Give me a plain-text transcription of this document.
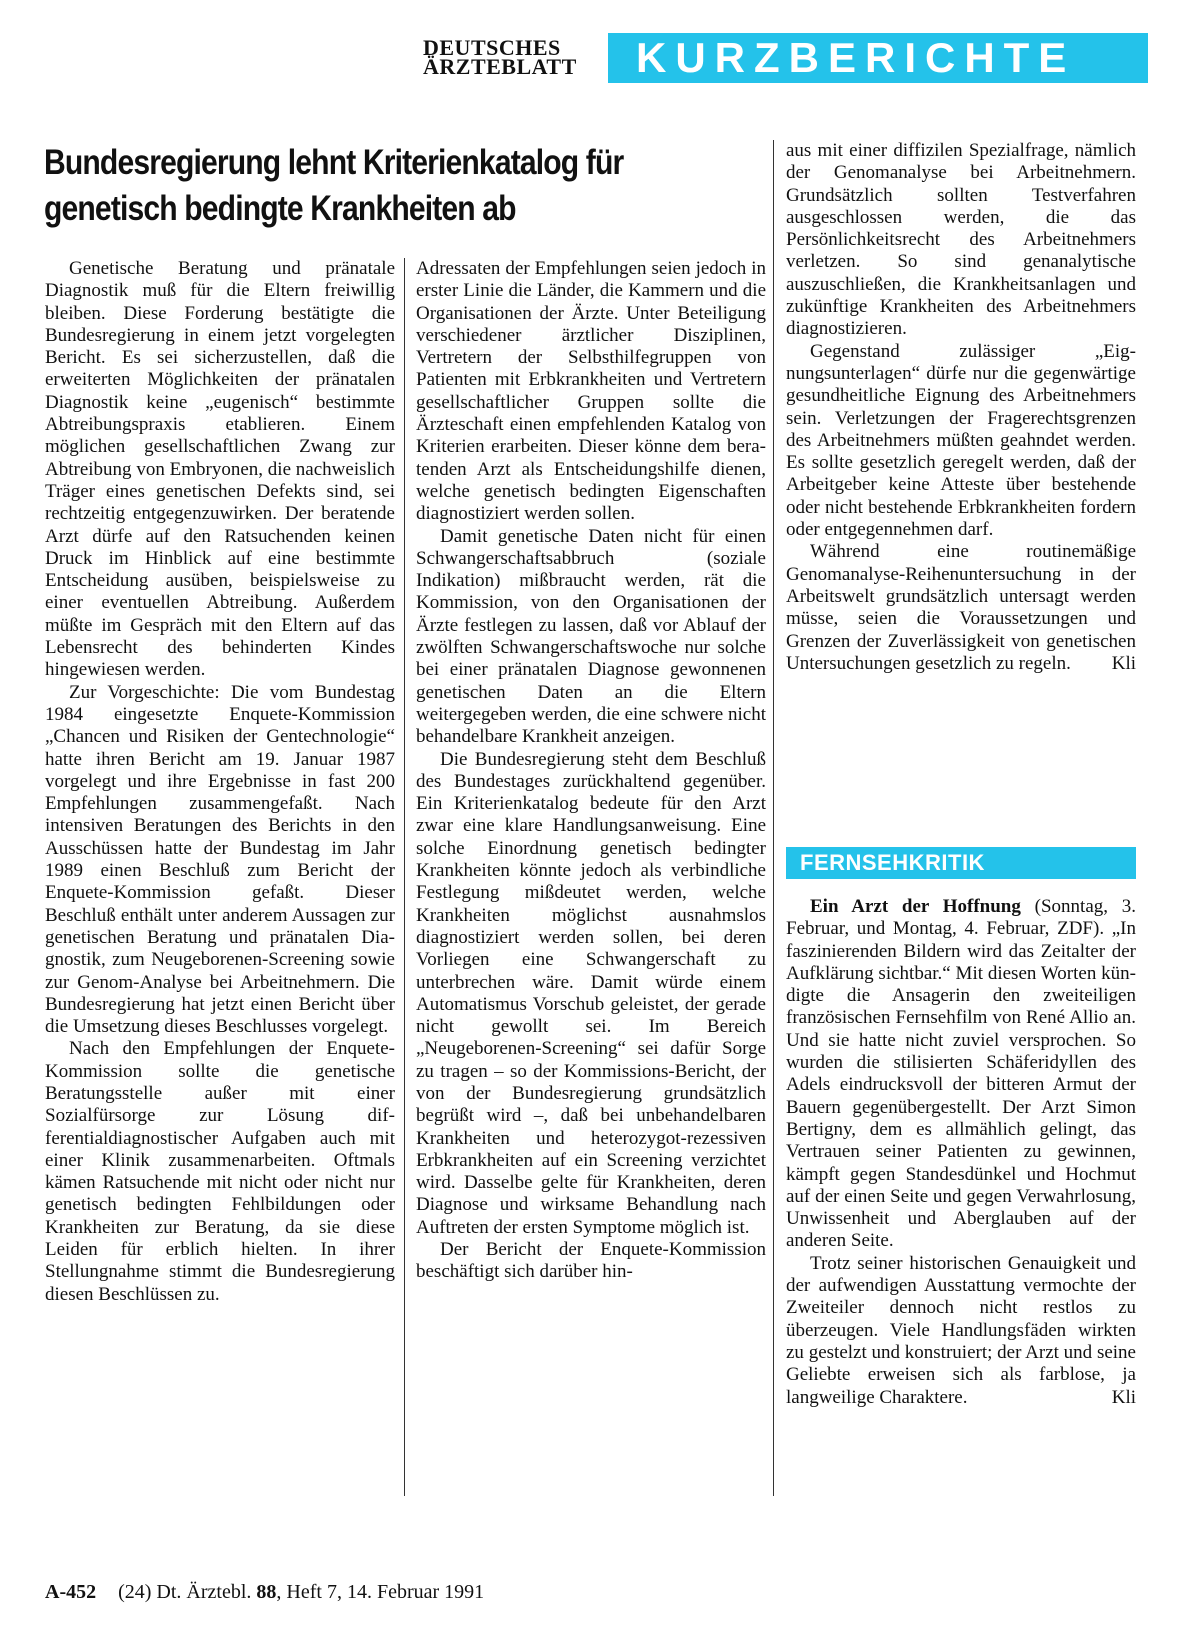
DEUTSCHES
ÄRZTEBLATT	KURZBERICHTE
Bundesregierung lehnt Kriterienkatalog für genetisch bedingte Krankheiten ab

Genetische Beratung und pränatale Diagnostik muß für die Eltern freiwillig bleiben. Diese Forderung bestätigte die Bundesregierung in einem jetzt vorgelegten Bericht. Es sei sicherzustellen, daß die erweiterten Möglichkeiten der pränatalen Diagnostik keine „eugenisch“ bestimmte Abtreibungspraxis etablieren. Einem möglichen gesellschaftlichen Zwang zur Abtreibung von Embryonen, die nachweislich Träger eines genetischen Defekts sind, sei rechtzeitig entgegenzuwirken. Der beratende Arzt dürfe auf den Ratsuchenden keinen Druck im Hinblick auf eine bestimmte Entscheidung ausüben, beispielsweise zu einer eventuellen Abtreibung. Außerdem müßte im Gespräch mit den Eltern auf das Lebensrecht des behinderten Kindes hingewiesen werden.

Zur Vorgeschichte: Die vom Bundestag 1984 eingesetzte Enquete-Kommission „Chancen und Risiken der Gentechnologie“ hatte ihren Bericht am 19. Januar 1987 vorgelegt und ihre Ergebnisse in fast 200 Empfehlungen zusammengefaßt. Nach intensiven Beratungen des Berichts in den Ausschüssen hatte der Bundestag im Jahr 1989 einen Beschluß zum Bericht der Enquete-Kommission gefaßt. Dieser Beschluß enthält unter anderem Aussagen zur genetischen Beratung und pränatalen Diagnostik, zum Neugeborenen-Screening sowie zur Genom-Analyse bei Arbeitnehmern. Die Bundesregierung hat jetzt einen Bericht über die Umsetzung dieses Beschlusses vorgelegt.

Nach den Empfehlungen der Enquete-Kommission sollte die genetische Beratungsstelle außer mit einer Sozialfürsorge zur Lösung differentialdiagnostischer Aufgaben auch mit einer Klinik zusammenarbeiten. Oftmals kämen Ratsuchende mit nicht oder nicht nur genetisch bedingten Fehlbildungen oder Krankheiten zur Beratung, da sie diese Leiden für erblich hielten. In ihrer Stellungnahme stimmt die Bundesregierung diesen Beschlüssen zu.

Adressaten der Empfehlungen seien jedoch in erster Linie die Länder, die Kammern und die Organisationen der Ärzte. Unter Beteiligung verschiedener ärztlicher Disziplinen, Vertretern der Selbsthilfegruppen von Patienten mit Erbkrankheiten und Vertretern gesellschaftlicher Gruppen sollte die Ärzteschaft einen empfehlenden Katalog von Kriterien erarbeiten. Dieser könne dem beratenden Arzt als Entscheidungshilfe dienen, welche genetisch bedingten Eigenschaften diagnostiziert werden sollen.

Damit genetische Daten nicht für einen Schwangerschaftsabbruch (soziale Indikation) mißbraucht werden, rät die Kommission, von den Organisationen der Ärzte festlegen zu lassen, daß vor Ablauf der zwölften Schwangerschaftswoche nur solche bei einer pränatalen Diagnose gewonnenen genetischen Daten an die Eltern weitergegeben werden, die eine schwere nicht behandelbare Krankheit anzeigen.

Die Bundesregierung steht dem Beschluß des Bundestages zurückhaltend gegenüber. Ein Kriterienkatalog bedeute für den Arzt zwar eine klare Handlungsanweisung. Eine solche Einordnung genetisch bedingter Krankheiten könnte jedoch als verbindliche Festlegung mißdeutet werden, welche Krankheiten möglichst ausnahmslos diagnostiziert werden sollen, bei deren Vorliegen eine Schwangerschaft zu unterbrechen wäre. Damit würde einem Automatismus Vorschub geleistet, der gerade nicht gewollt sei. Im Bereich „Neugeborenen-Screening“ sei dafür Sorge zu tragen – so der Kommissions-Bericht, der von der Bundesregierung grundsätzlich begrüßt wird –, daß bei unbehandelbaren Krankheiten und heterozygot-rezessiven Erbkrankheiten auf ein Screening verzichtet wird. Dasselbe gelte für Krankheiten, deren Diagnose und wirksame Behandlung nach Auftreten der ersten Symptome möglich ist.

Der Bericht der Enquete-Kommission beschäftigt sich darüber hin-

aus mit einer diffizilen Spezialfrage, nämlich der Genomanalyse bei Arbeitnehmern. Grundsätzlich sollten Testverfahren ausgeschlossen werden, die das Persönlichkeitsrecht des Arbeitnehmers verletzen. So sind genanalytische auszuschließen, die Krankheitsanlagen und zukünftige Krankheiten des Arbeitnehmers diagnostizieren.

Gegenstand zulässiger „Eignungsunterlagen“ dürfe nur die gegenwärtige gesundheitliche Eignung des Arbeitnehmers sein. Verletzungen der Fragerechtsgrenzen des Arbeitnehmers müßten geahndet werden. Es sollte gesetzlich geregelt werden, daß der Arbeitgeber keine Atteste über bestehende oder nicht bestehende Erbkrankheiten fordern oder entgegennehmen darf.

Während eine routinemäßige Genomanalyse-Reihenuntersuchung in der Arbeitswelt grundsätzlich untersagt werden müsse, seien die Voraussetzungen und Grenzen der Zuverlässigkeit von genetischen Untersuchungen gesetzlich zu regeln.	Kli

FERNSEHKRITIK

Ein Arzt der Hoffnung (Sonntag, 3. Februar, und Montag, 4. Februar, ZDF). „In faszinierenden Bildern wird das Zeitalter der Aufklärung sichtbar.“ Mit diesen Worten kündigte die Ansagerin den zweiteiligen französischen Fernsehfilm von René Allio an. Und sie hatte nicht zuviel versprochen. So wurden die stilisierten Schäferidyllen des Adels eindrucksvoll der bitteren Armut der Bauern gegenübergestellt. Der Arzt Simon Bertigny, dem es allmählich gelingt, das Vertrauen seiner Patienten zu gewinnen, kämpft gegen Standesdünkel und Hochmut auf der einen Seite und gegen Verwahrlosung, Unwissenheit und Aberglauben auf der anderen Seite.

Trotz seiner historischen Genauigkeit und der aufwendigen Ausstattung vermochte der Zweiteiler dennoch nicht restlos zu überzeugen. Viele Handlungsfäden wirkten zu gestelzt und konstruiert; der Arzt und seine Geliebte erweisen sich als farblose, ja langweilige Charaktere.	Kli

A-452 (24) Dt. Ärztebl. 88, Heft 7, 14. Februar 1991
